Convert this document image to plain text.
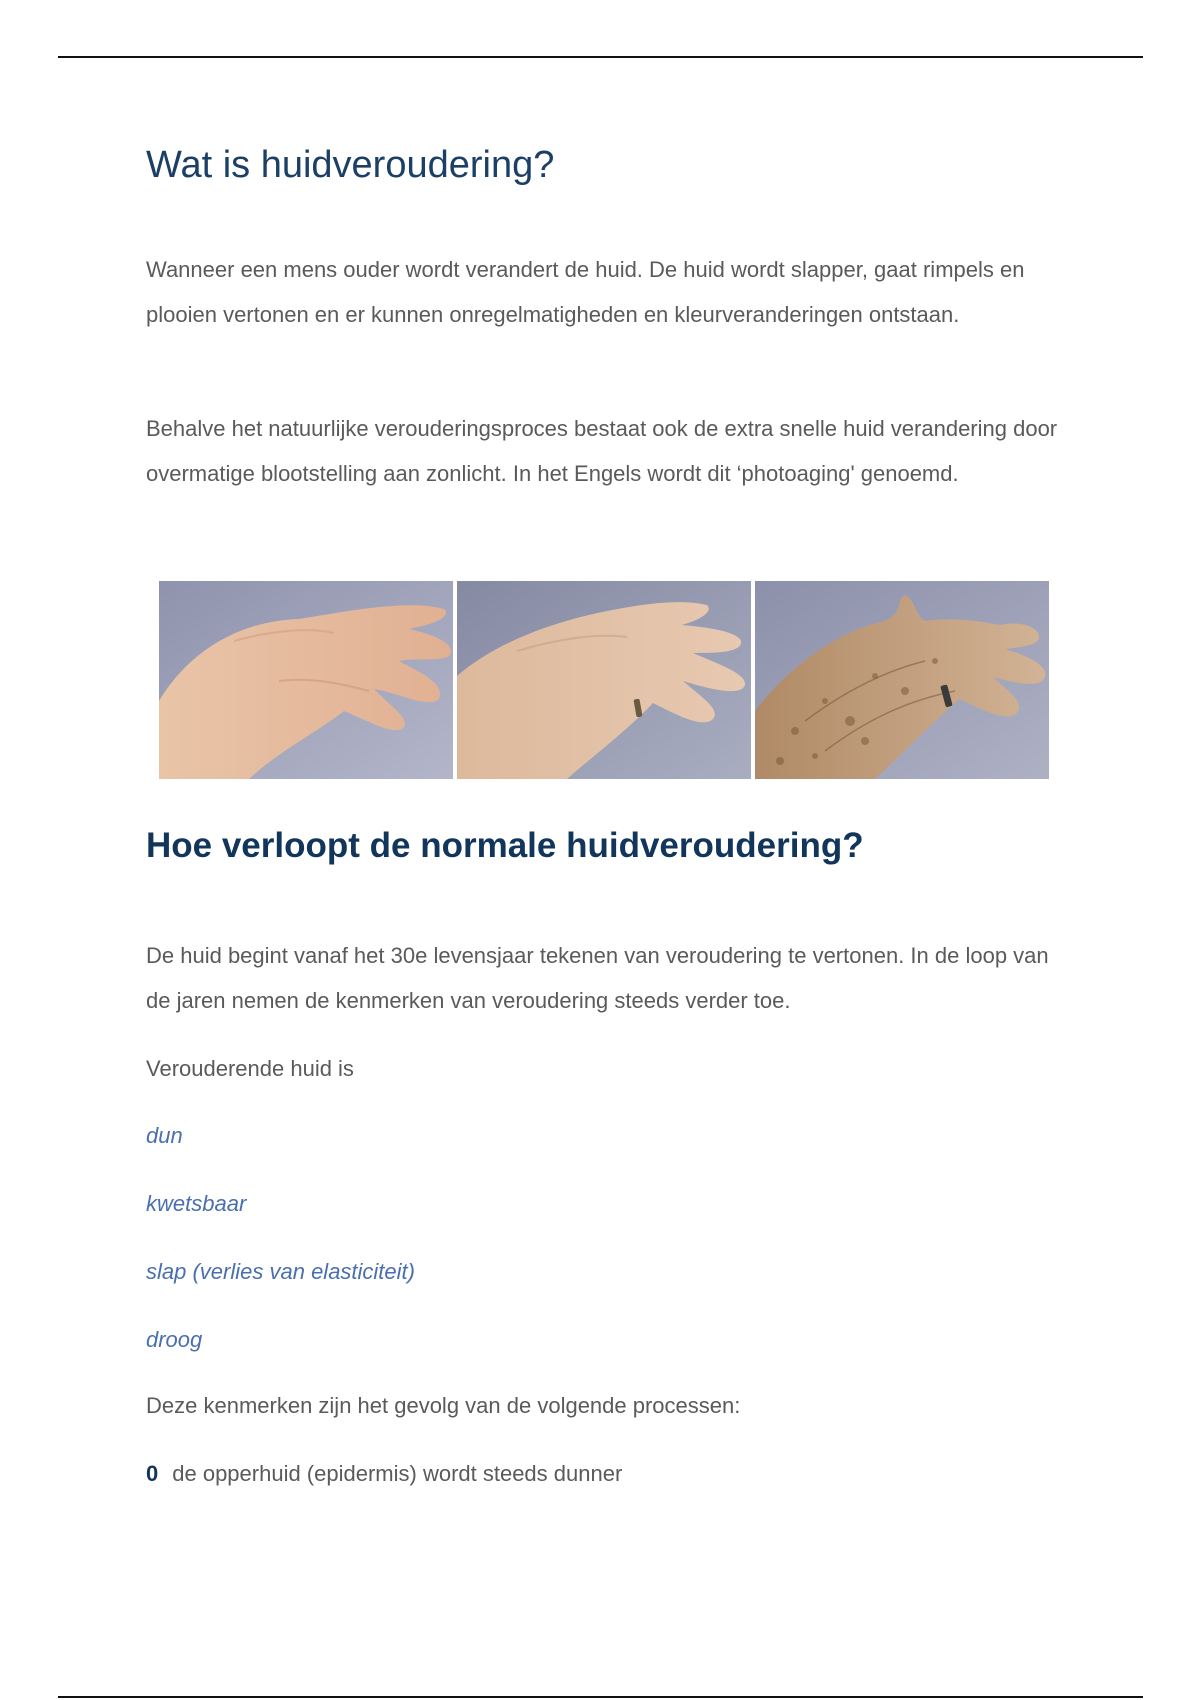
Wat is huidveroudering?

Wanneer een mens ouder wordt verandert de huid. De huid wordt slapper, gaat rimpels en plooien vertonen en er kunnen onregelmatigheden en kleurveranderingen ontstaan.

Behalve het natuurlijke verouderingsproces bestaat ook de extra snelle huid verandering door overmatige blootstelling aan zonlicht. In het Engels wordt dit ‘photoaging' genoemd.

Hoe verloopt de normale huidveroudering?

De huid begint vanaf het 30e levensjaar tekenen van veroudering te vertonen. In de loop van de jaren nemen de kenmerken van veroudering steeds verder toe.

Verouderende huid is

dun

kwetsbaar

slap (verlies van elasticiteit)

droog

Deze kenmerken zijn het gevolg van de volgende processen:

0 de opperhuid (epidermis) wordt steeds dunner
